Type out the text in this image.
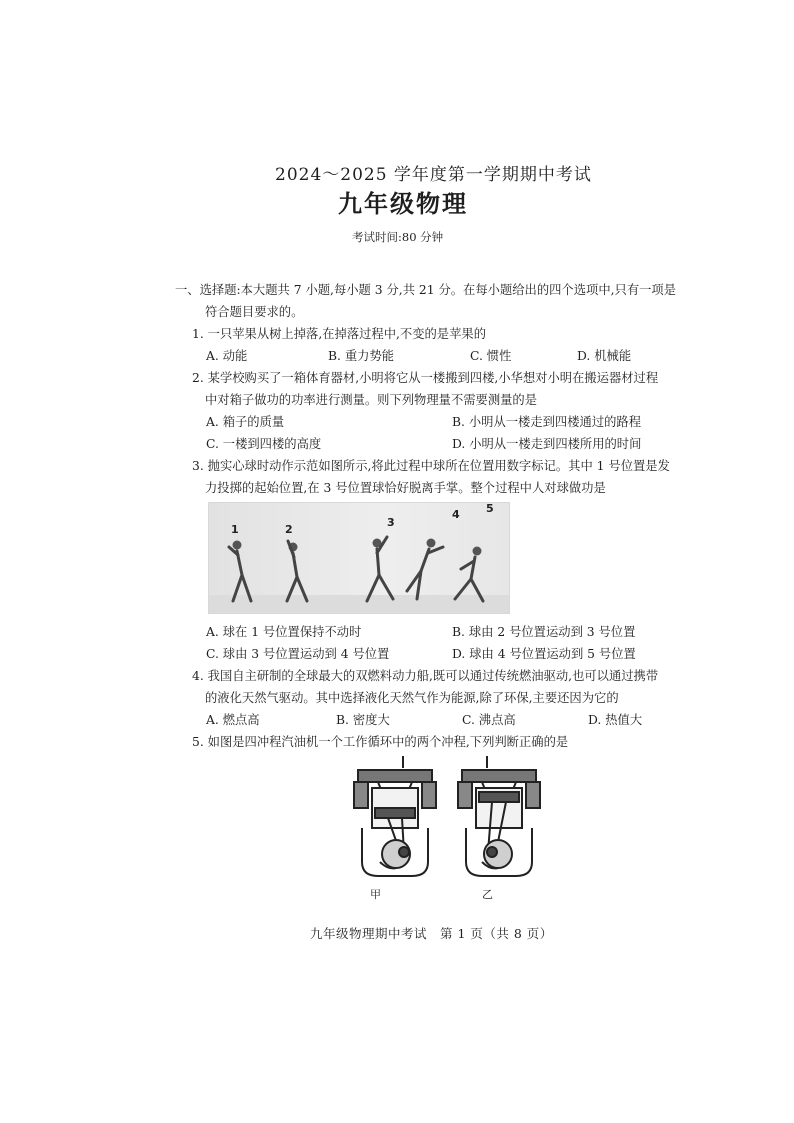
2024～2025 学年度第一学期期中考试
九年级物理
考试时间:80 分钟
一、选择题:本大题共 7 小题,每小题 3 分,共 21 分。在每小题给出的四个选项中,只有一项是
符合题目要求的。
1. 一只苹果从树上掉落,在掉落过程中,不变的是苹果的
A. 动能	B. 重力势能	C. 惯性	D. 机械能
2. 某学校购买了一箱体育器材,小明将它从一楼搬到四楼,小华想对小明在搬运器材过程
中对箱子做功的功率进行测量。则下列物理量不需要测量的是
A. 箱子的质量	B. 小明从一楼走到四楼通过的路程
C. 一楼到四楼的高度	D. 小明从一楼走到四楼所用的时间
3. 抛实心球时动作示范如图所示,将此过程中球所在位置用数字标记。其中 1 号位置是发
力投掷的起始位置,在 3 号位置球恰好脱离手掌。整个过程中人对球做功是
1	2
3
4 5
A. 球在 1 号位置保持不动时	B. 球由 2 号位置运动到 3 号位置
C. 球由 3 号位置运动到 4 号位置	D. 球由 4 号位置运动到 5 号位置
4. 我国自主研制的全球最大的双燃料动力船,既可以通过传统燃油驱动,也可以通过携带
的液化天然气驱动。其中选择液化天然气作为能源,除了环保,主要还因为它的
A. 燃点高	B. 密度大	C. 沸点高	D. 热值大
5. 如图是四冲程汽油机一个工作循环中的两个冲程,下列判断正确的是
甲	乙
九年级物理期中考试　第 1 页（共 8 页）
